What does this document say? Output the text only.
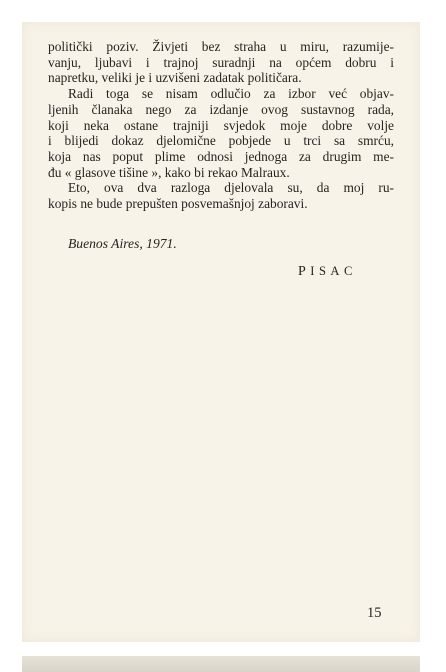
politički poziv. Živjeti bez straha u miru, razumije-
vanju, ljubavi i trajnoj suradnji na općem dobru i
napretku, veliki je i uzvišeni zadatak političara.

Radi toga se nisam odlučio za izbor već objav-
ljenih članaka nego za izdanje ovog sustavnog rada,
koji neka ostane trajniji svjedok moje dobre volje
i blijedi dokaz djelomične pobjede u trci sa smrću,
koja nas poput plime odnosi jednoga za drugim me-
đu « glasove tišine », kako bi rekao Malraux.

Eto, ova dva razloga djelovala su, da moj ru-
kopis ne bude prepušten posvemašnjoj zaboravi.

Buenos Aires, 1971.
PISAC
15
